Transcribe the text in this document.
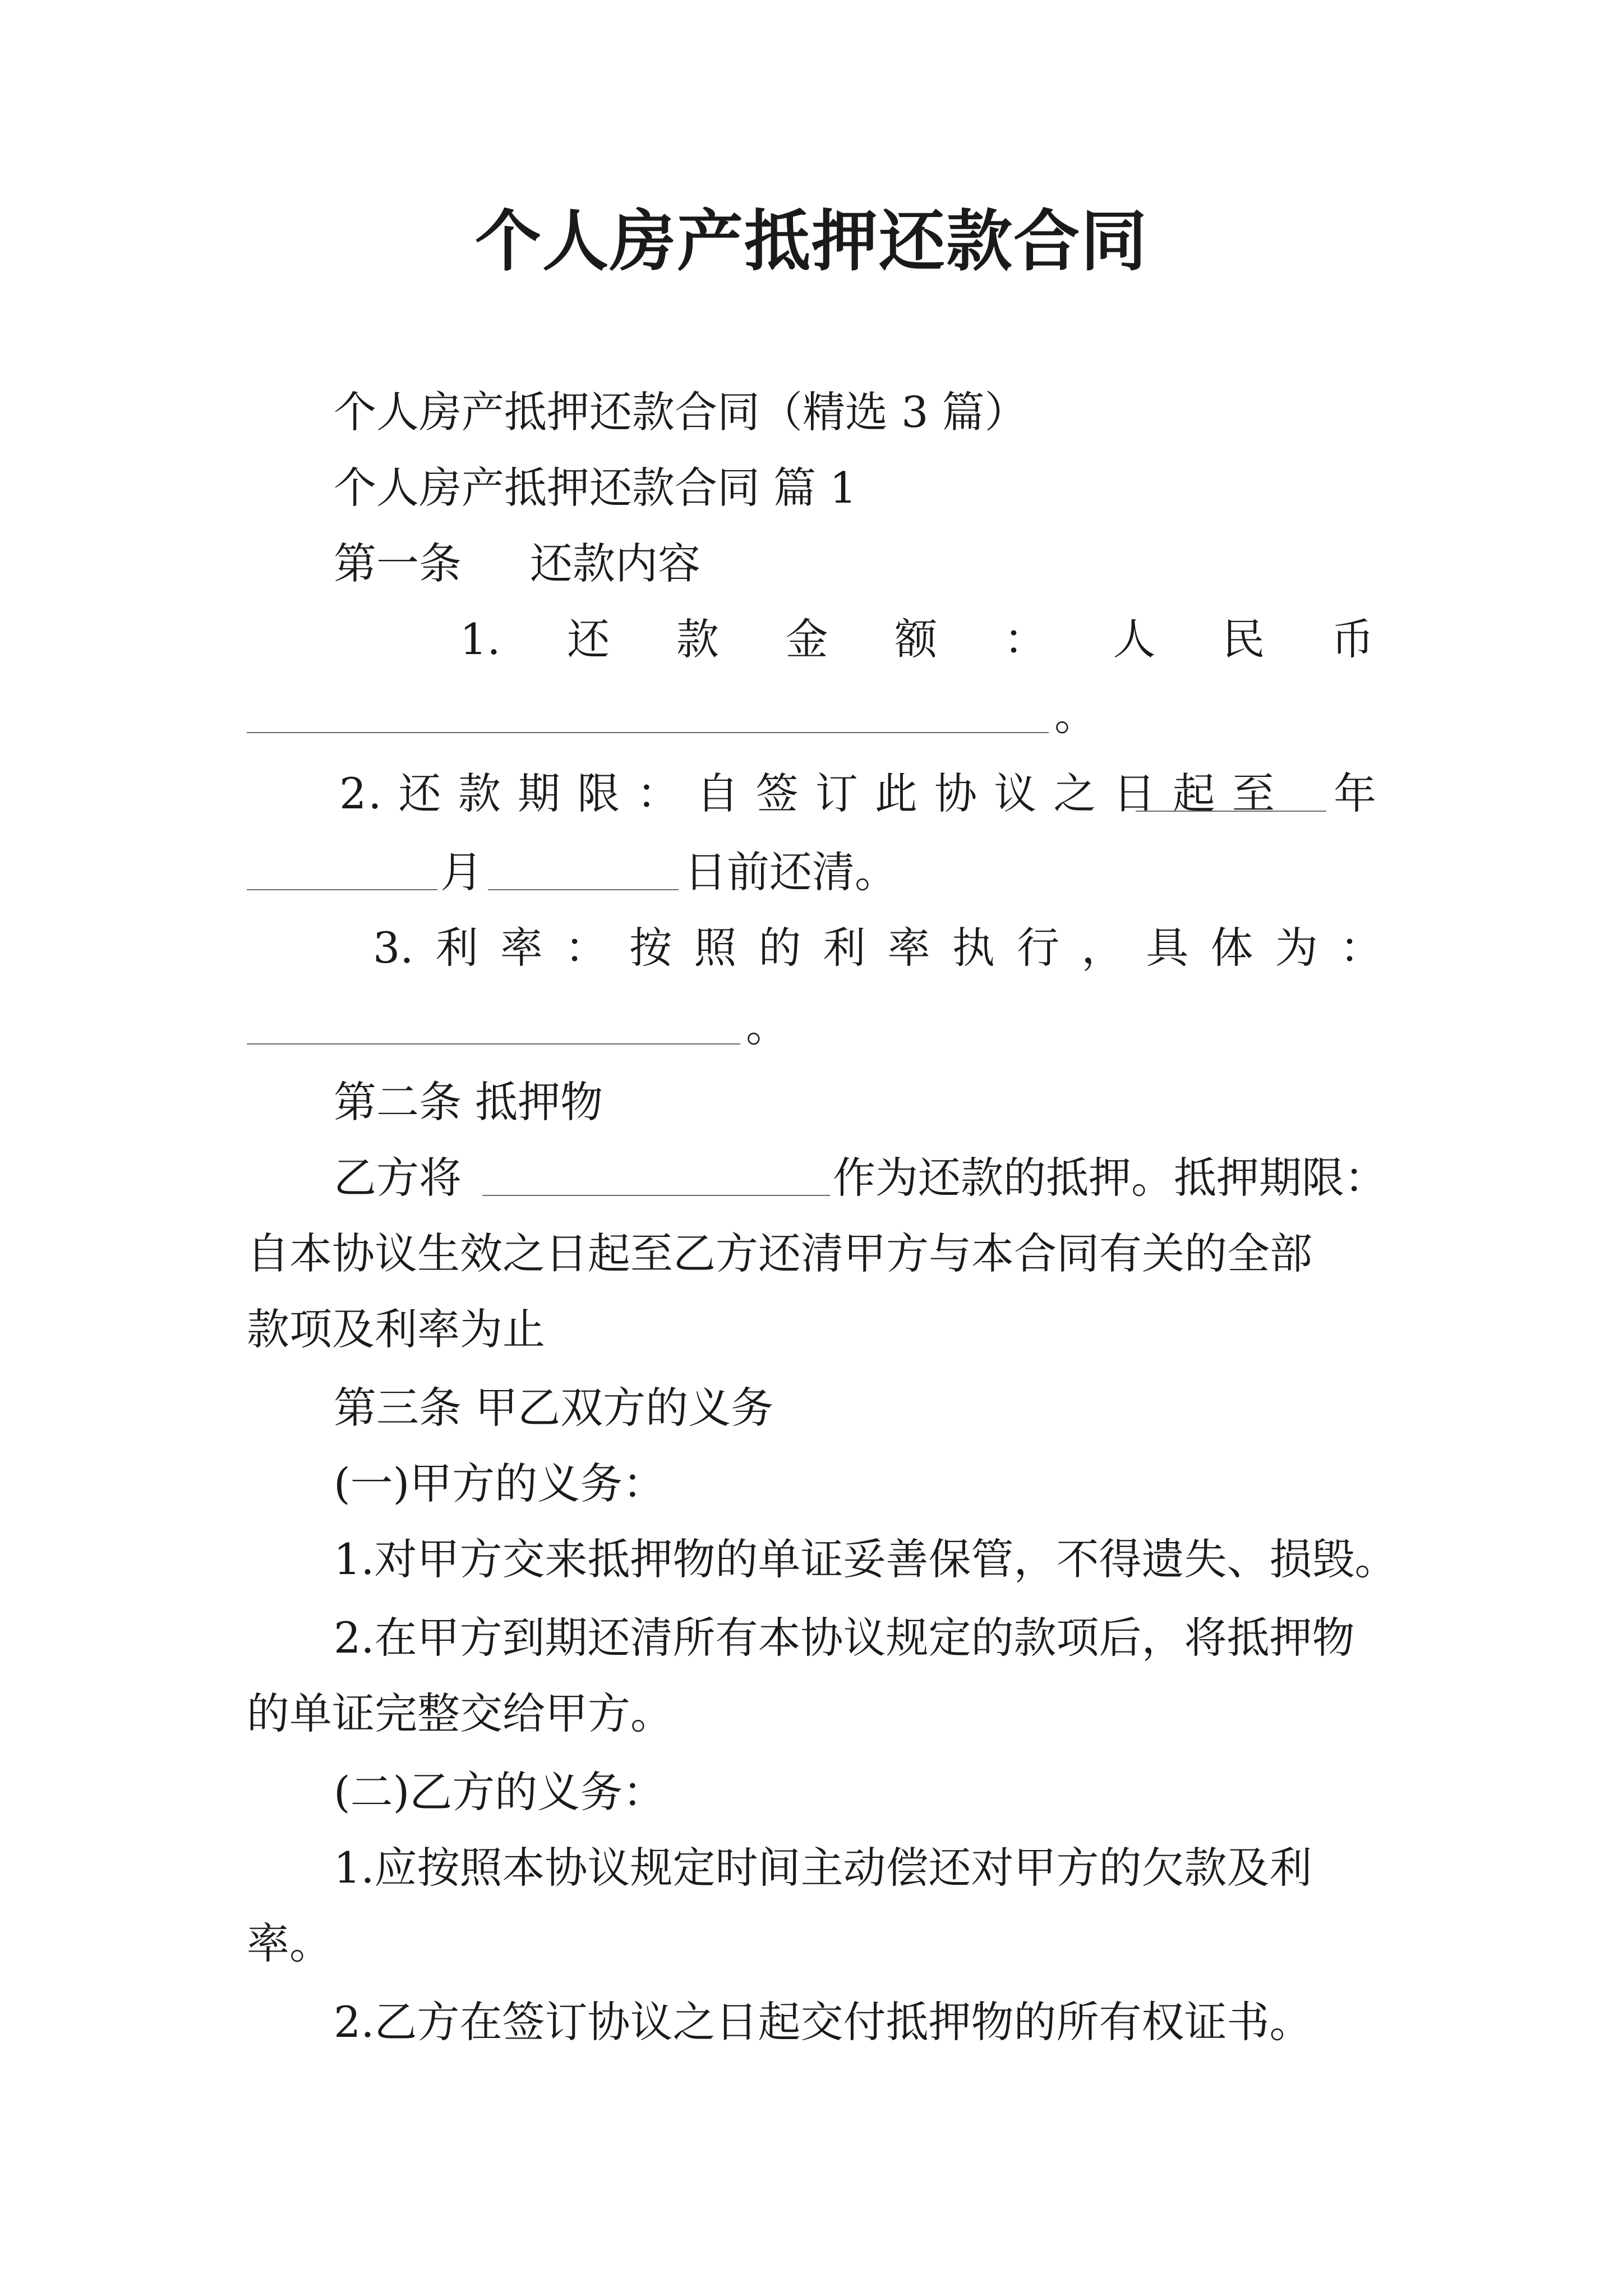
个人房产抵押还款合同
个人房产抵押还款合同（精选 3 篇）
个人房产抵押还款合同 篇 1
第一条 还款内容
1. 还 款 金 额 ： 人 民 币
。
2. 还 款 期 限 ： 自 签 订 此 协 议 之 日 起 至 年
月	日前还清。
3. 利 率 ： 按 照 的 利 率 执 行 ， 具 体 为 ：
。
第二条 抵押物
乙方将	作为还款的抵押。抵押期限：
自本协议生效之日起至乙方还清甲方与本合同有关的全部
款项及利率为止
第三条 甲乙双方的义务
(一)甲方的义务：
1.对甲方交来抵押物的单证妥善保管，不得遗失、损毁。
2.在甲方到期还清所有本协议规定的款项后，将抵押物
的单证完整交给甲方。
(二)乙方的义务：
1.应按照本协议规定时间主动偿还对甲方的欠款及利
率。
2.乙方在签订协议之日起交付抵押物的所有权证书。
